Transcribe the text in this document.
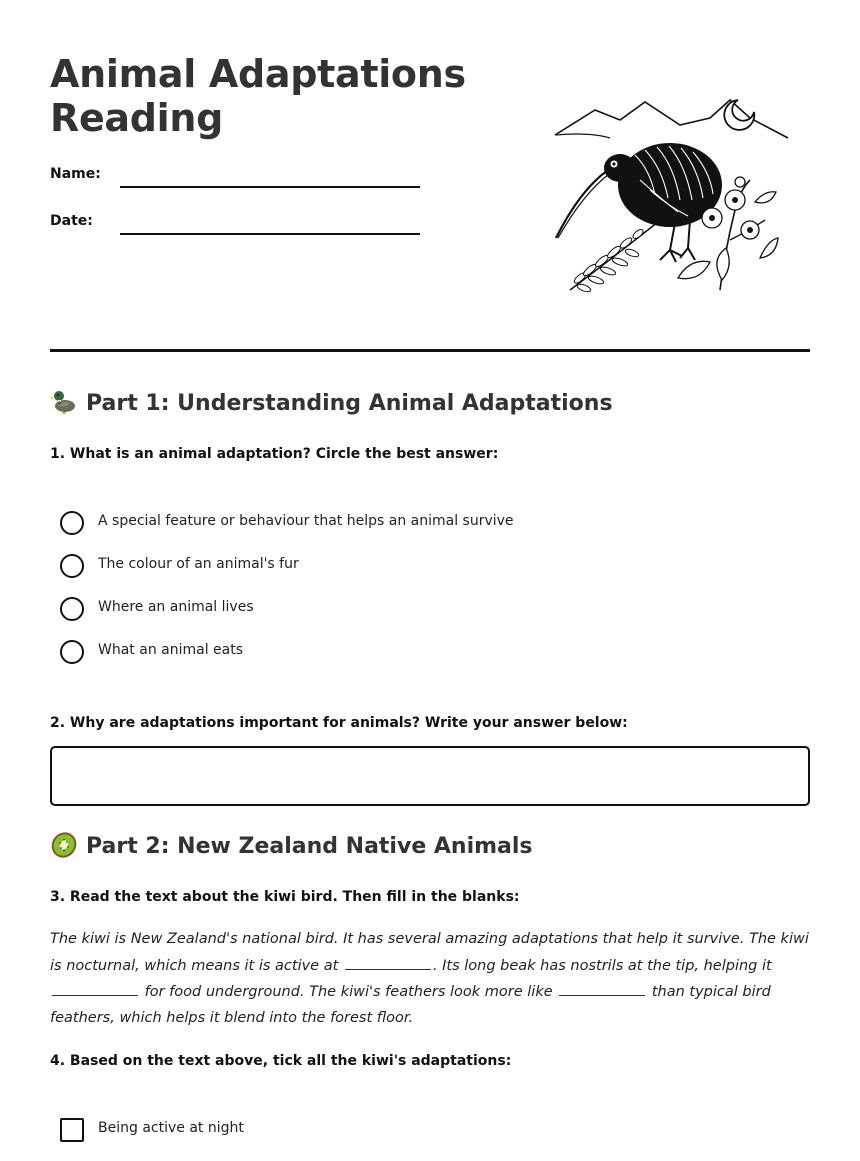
Animal Adaptations
Reading
Name:
Date:
Part 1: Understanding Animal Adaptations
1. What is an animal adaptation? Circle the best answer:
A special feature or behaviour that helps an animal survive
The colour of an animal's fur
Where an animal lives
What an animal eats
2. Why are adaptations important for animals? Write your answer below:
Part 2: New Zealand Native Animals
3. Read the text about the kiwi bird. Then fill in the blanks:
The kiwi is New Zealand's national bird. It has several amazing adaptations that help it survive. The kiwi is nocturnal, which means it is active at	. Its long beak has nostrils at the tip, helping it  for food underground. The kiwi's feathers look more like	than typical bird feathers, which helps it blend into the forest floor.
4. Based on the text above, tick all the kiwi's adaptations:
Being active at night
